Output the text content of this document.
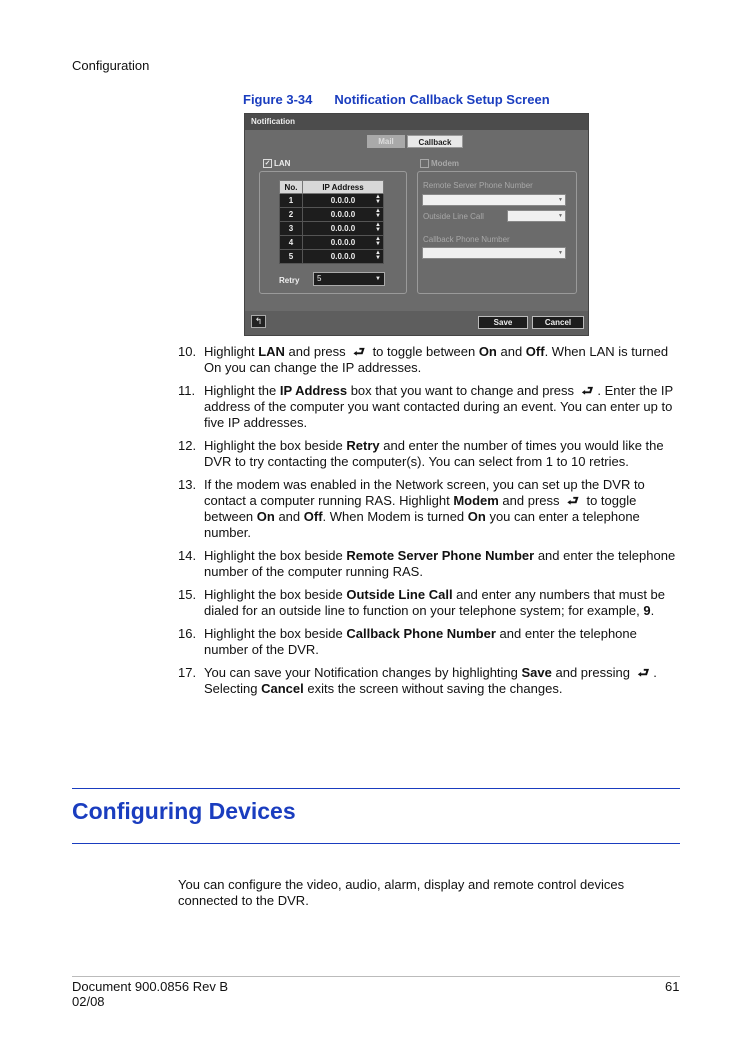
Configuration
Figure 3-34 Notification Callback Setup Screen
Notification
Mail	Callback
✓ LAN	Modem
No.	IP Address
1	0.0.0.0 ▲
▼

2	0.0.0.0 ▲
▼

3	0.0.0.0 ▲
▼

4	0.0.0.0 ▲
▼

5	0.0.0.0 ▲
▼
Retry	5	▼
Remote Server Phone Number
▼
Outside Line Call	▼
Callback Phone Number
▼
↰	Save	Cancel
10. Highlight LAN and press ⮐ to toggle between On and Off. When LAN is turned On you can change the IP addresses.
11. Highlight the IP Address box that you want to change and press ⮐ . Enter the IP address of the computer you want contacted during an event. You can enter up to five IP addresses.
12. Highlight the box beside Retry and enter the number of times you would like the DVR to try contacting the computer(s). You can select from 1 to 10 retries.
13. If the modem was enabled in the Network screen, you can set up the DVR to contact a computer running RAS. Highlight Modem and press ⮐ to toggle between On and Off. When Modem is turned On you can enter a telephone number.
14. Highlight the box beside Remote Server Phone Number and enter the telephone number of the computer running RAS.
15. Highlight the box beside Outside Line Call and enter any numbers that must be dialed for an outside line to function on your telephone system; for example, 9.
16. Highlight the box beside Callback Phone Number and enter the telephone number of the DVR.
17. You can save your Notification changes by highlighting Save and pressing ⮐ . Selecting Cancel exits the screen without saving the changes.
Configuring Devices
You can configure the video, audio, alarm, display and remote control devices connected to the DVR.
Document 900.0856 Rev B
02/08
61
